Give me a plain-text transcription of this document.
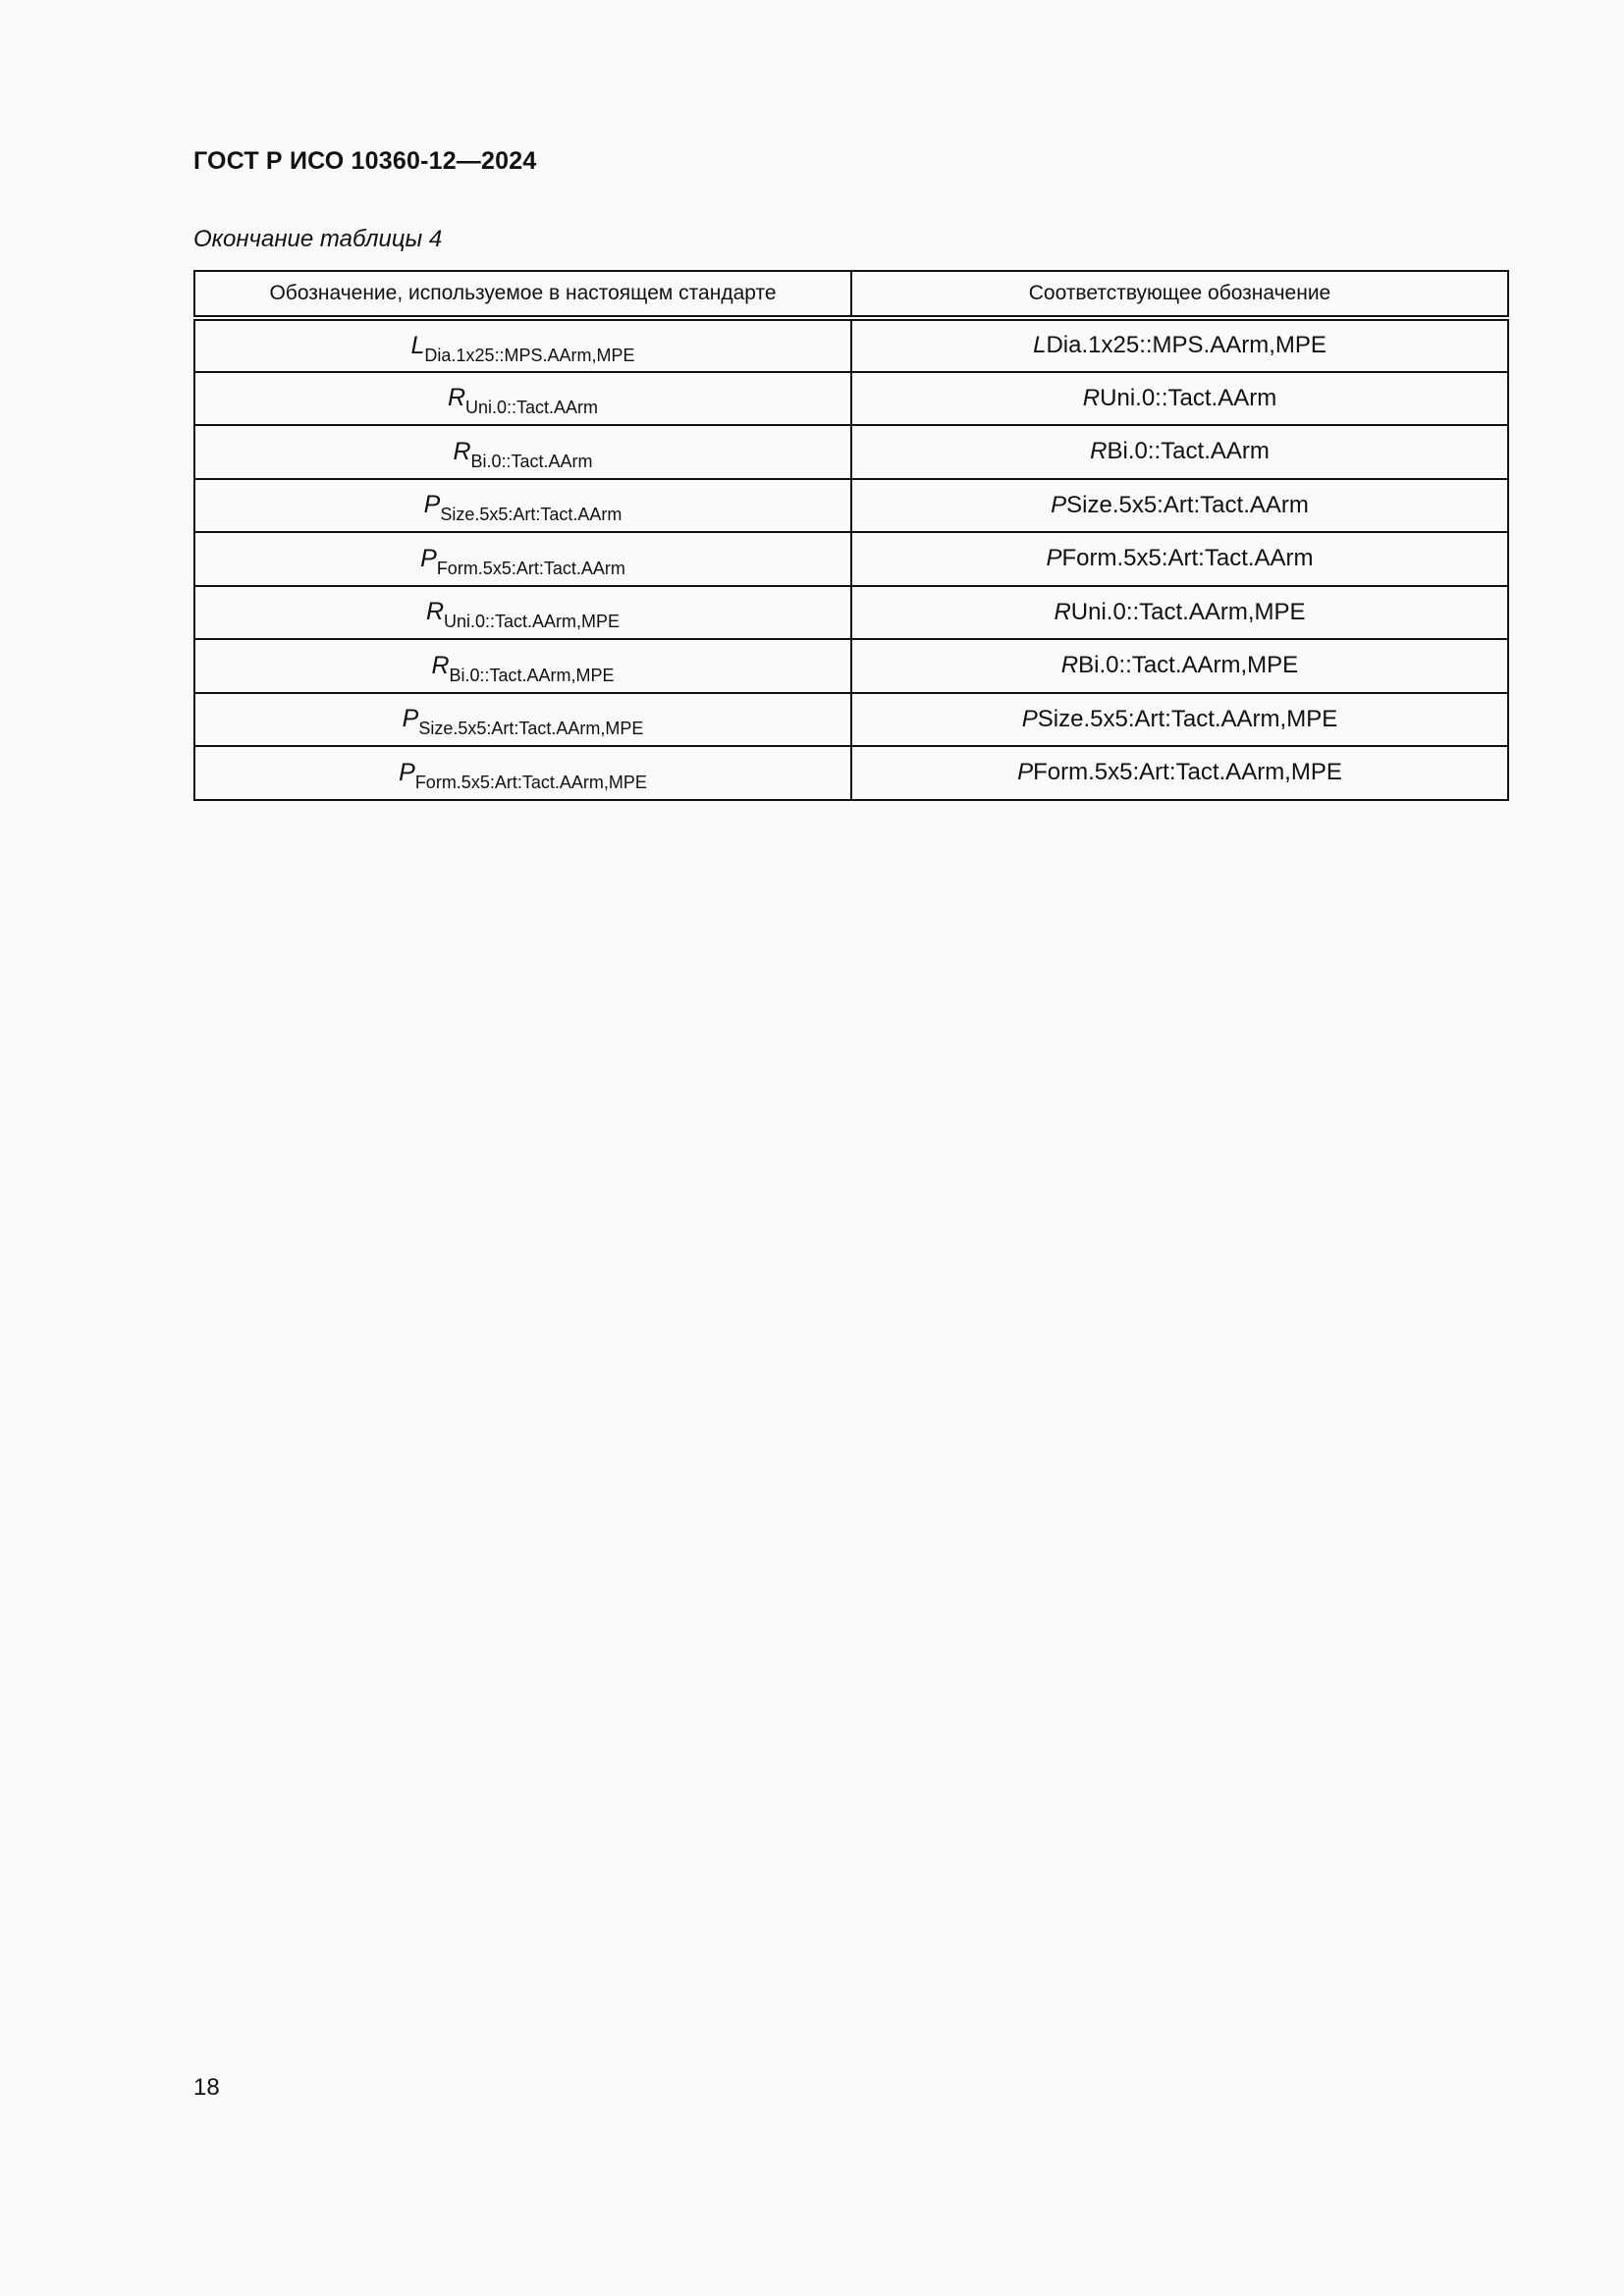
ГОСТ Р ИСО 10360-12—2024
Окончание таблицы 4
Обозначение, используемое в настоящем стандарте	Соответствующее обозначение
$L_{Dia.1x25::MPS.AArm,MPE}$	LDia.1x25::MPS.AArm,MPE
$R_{Uni.0::Tact.AArm}$	RUni.0::Tact.AArm
$R_{Bi.0::Tact.AArm}$	RBi.0::Tact.AArm
$P_{Size.5x5:Art:Tact.AArm}$	PSize.5x5:Art:Tact.AArm
$P_{Form.5x5:Art:Tact.AArm}$	PForm.5x5:Art:Tact.AArm
$R_{Uni.0::Tact.AArm,MPE}$	RUni.0::Tact.AArm,MPE
$R_{Bi.0::Tact.AArm,MPE}$	RBi.0::Tact.AArm,MPE
$P_{Size.5x5:Art:Tact.AArm,MPE}$	PSize.5x5:Art:Tact.AArm,MPE
$P_{Form.5x5:Art:Tact.AArm,MPE}$	PForm.5x5:Art:Tact.AArm,MPE
18
